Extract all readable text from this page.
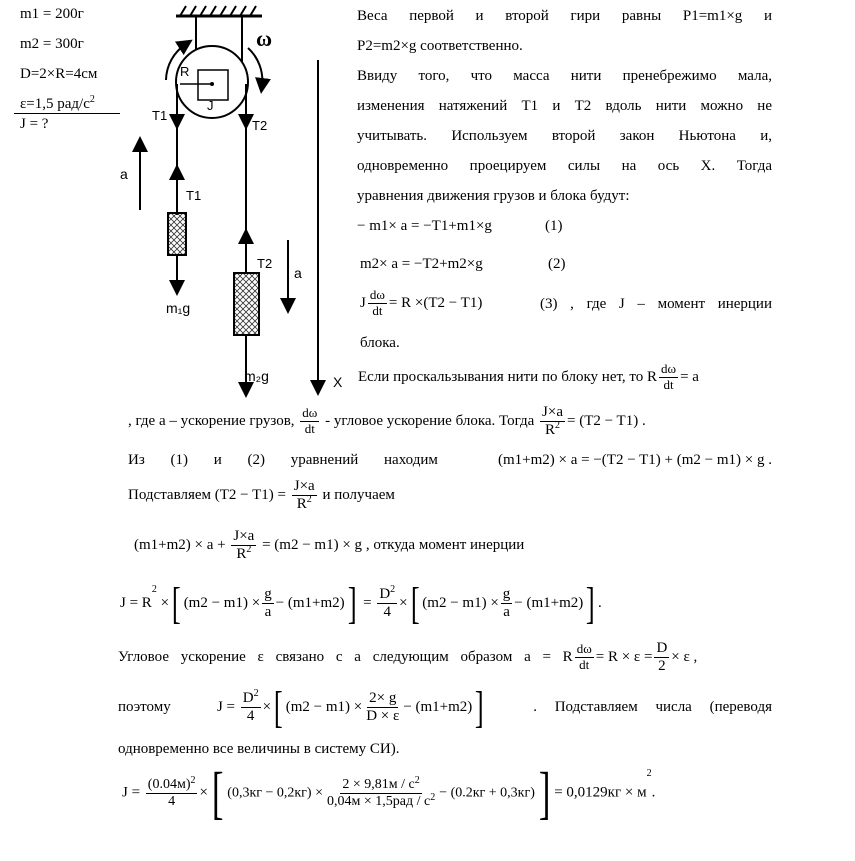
m1 = 200г
m2 = 300г
D=2×R=4см
ε=1,5 рад/$с^2$
J = ?
ω
R
J
T1
T2
a
T1
T2
a
m₁g
m₂g	X
Веса первой и второй гири равны P1=m1×g и
P2=m2×g соответственно.
Ввиду того, что масса нити пренебрежимо мала,
изменения натяжений T1 и T2 вдоль нити можно не
учитывать. Используем второй закон Ньютона и,
одновременно проецируем силы на ось X. Тогда
уравнения движения грузов и блока будут:
− m1× a = −T1+m1×g	(1)
m2× a = −T2+m2×g	(2)
J $\frac{d\omega}{dt} = R \times(T2 - T1)$	(3) , где J – момент инерции
блока.
Если проскальзывания нити по блоку нет, то R $\frac{d\omega}{dt} = a$
, где a – ускорение грузов, $\frac{d\omega}{dt}$ - угловое ускорение блока. Тогда $\frac{J\times a}{R^2} = (T2 - T1)$ .
Из (1) и (2) уравнений находим	(m1+m2) × a = −(T2 − T1) + (m2 − m1) × g .
Подставляем $(T2 - T1) = \frac{J\times a}{R^2}$ и получаем
$(m1+m2) \times a + \frac{J\times a}{R^2} = (m2 - m1) \times g$ , откуда момент инерции
$J = R^2$ ×[ $(m2 - m1) \times \frac{g}{a} - (m1+m2)] = \frac{D^2}{4}$ ×[ $(m2 - m1) \times \frac{g}{a} - (m1+m2)$] .
Угловое ускорение ε связано с a следующим образом a = R $\frac{d\omega}{dt} = R \times \varepsilon = \frac{D}{2} \times \varepsilon$ ,
поэтому	$J = \frac{D^2}{4}$ ×[ $(m2 - m1) \times \frac{2\times g}{D \times \varepsilon} - (m1+m2)$]	. Подставляем числа (переводя
одновременно все величины в систему СИ).
$J = \frac{(0.04м)^2}{4}$ ×[ $(0,3кг - 0,2кг) \times \frac{2 \times 9,81м / c^2}{0,04м \times 1,5рад / c^2} - (0.2кг + 0,3кг)] = 0,0129кг \times м^2$.
